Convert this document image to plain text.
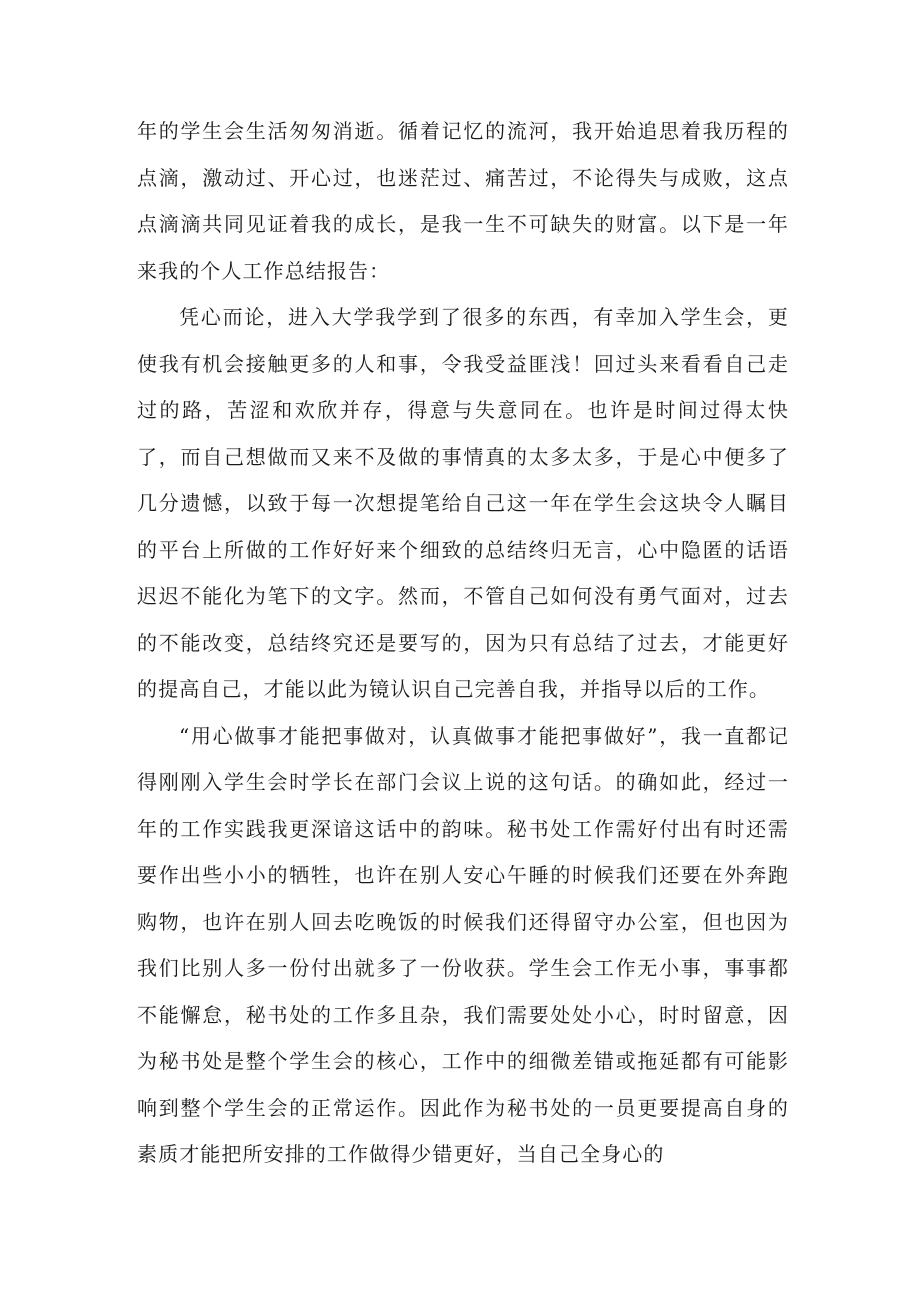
年的学生会生活匆匆消逝。循着记忆的流河，我开始追思着我历程的点滴，激动过、开心过，也迷茫过、痛苦过，不论得失与成败，这点点滴滴共同见证着我的成长，是我一生不可缺失的财富。以下是一年来我的个人工作总结报告：

凭心而论，进入大学我学到了很多的东西，有幸加入学生会，更使我有机会接触更多的人和事，令我受益匪浅！回过头来看看自己走过的路，苦涩和欢欣并存，得意与失意同在。也许是时间过得太快了，而自己想做而又来不及做的事情真的太多太多，于是心中便多了几分遗憾，以致于每一次想提笔给自己这一年在学生会这块令人瞩目的平台上所做的工作好好来个细致的总结终归无言，心中隐匿的话语迟迟不能化为笔下的文字。然而，不管自己如何没有勇气面对，过去的不能改变，总结终究还是要写的，因为只有总结了过去，才能更好的提高自己，才能以此为镜认识自己完善自我，并指导以后的工作。

“用心做事才能把事做对，认真做事才能把事做好”，我一直都记得刚刚入学生会时学长在部门会议上说的这句话。的确如此，经过一年的工作实践我更深谙这话中的韵味。秘书处工作需好付出有时还需要作出些小小的牺牲，也许在别人安心午睡的时候我们还要在外奔跑购物，也许在别人回去吃晚饭的时候我们还得留守办公室，但也因为我们比别人多一份付出就多了一份收获。学生会工作无小事，事事都不能懈怠，秘书处的工作多且杂，我们需要处处小心，时时留意，因为秘书处是整个学生会的核心，工作中的细微差错或拖延都有可能影响到整个学生会的正常运作。因此作为秘书处的一员更要提高自身的素质才能把所安排的工作做得少错更好，当自己全身心的
